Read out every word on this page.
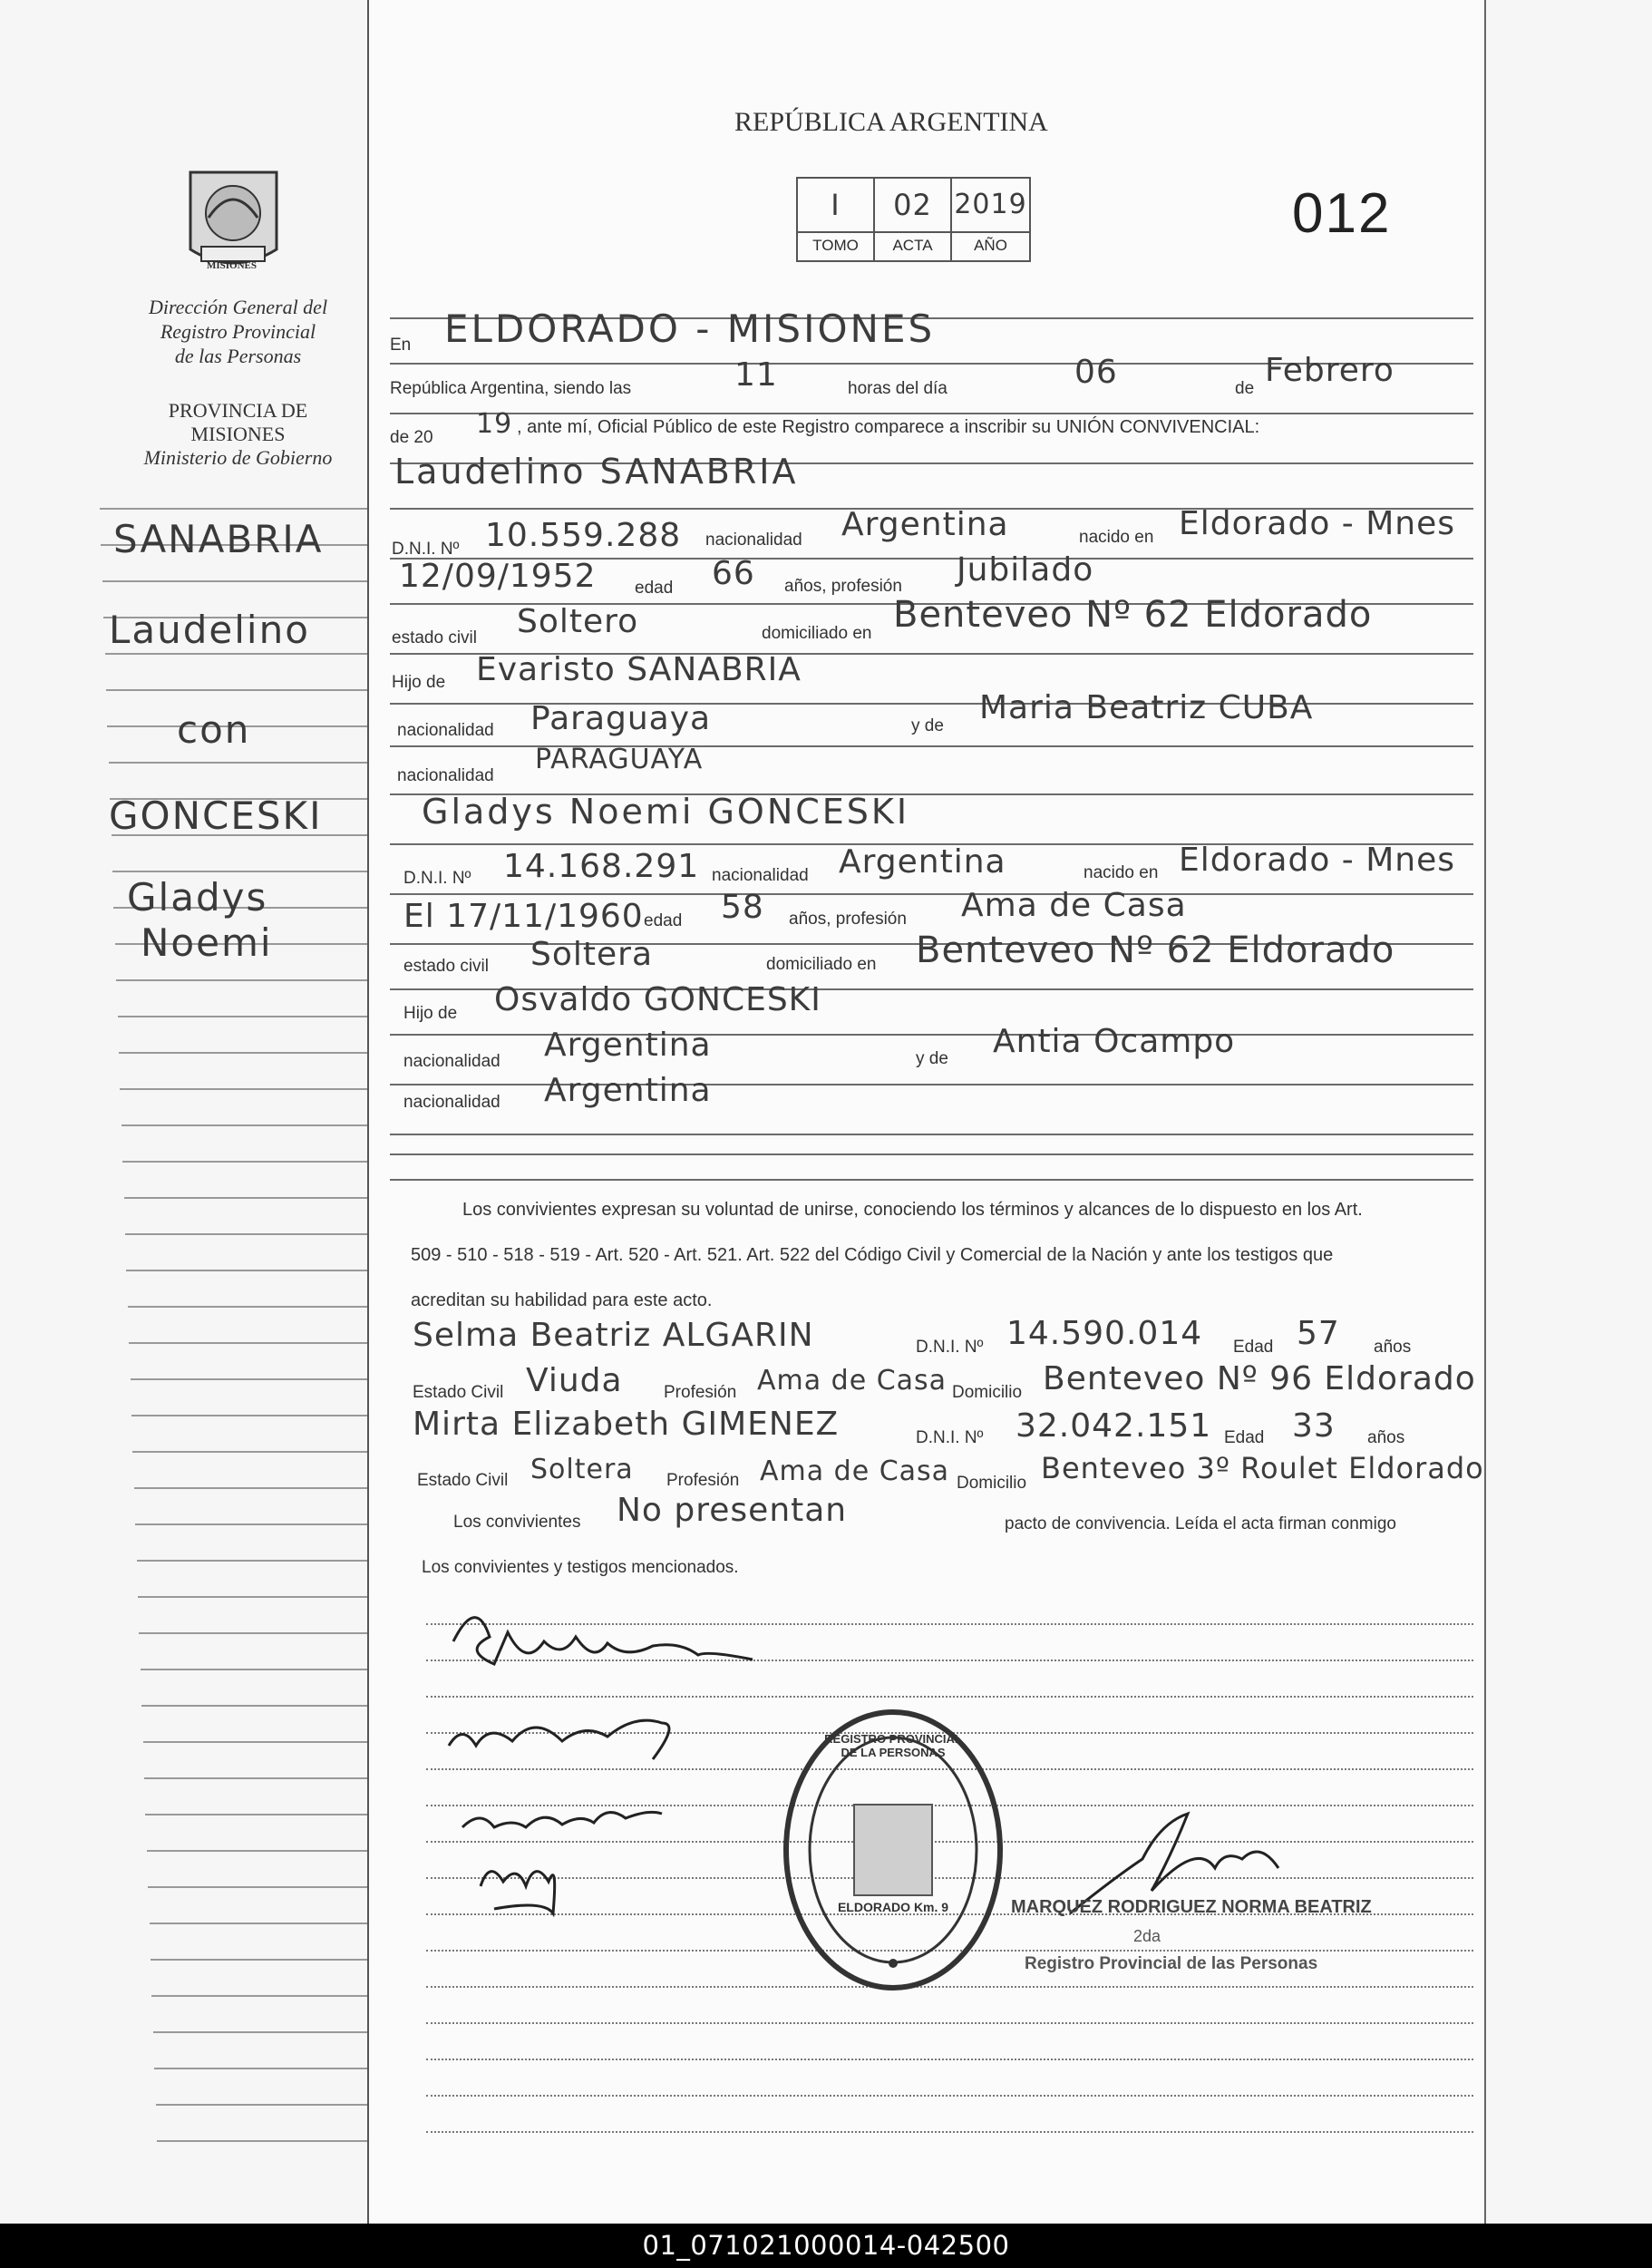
MISIONES
Dirección General del
Registro Provincial
de las Personas
PROVINCIA DE
MISIONES
Ministerio de Gobierno
SANABRIA
Laudelino
con
GONCESKI
Gladys
Noemi
REPÚBLICA ARGENTINA
I
TOMO
02
ACTA
2019
AÑO
012
En ELDORADO - MISIONES
República Argentina, siendo las	11	horas del día	06	de Febrero
de 20 19 , ante mí, Oficial Público de este Registro comparece a inscribir su UNIÓN CONVIVENCIAL:
Laudelino SANABRIA
D.N.I. Nº 10.559.288 nacionalidad Argentina	nacido en Eldorado - Mnes
12/09/1952 edad 66 años, profesión Jubilado
estado civil Soltero	domiciliado en Benteveo Nº 62 Eldorado
Hijo de Evaristo SANABRIA
nacionalidad Paraguaya	y de Maria Beatriz CUBA
nacionalidad
PARAGUAYA
Gladys Noemi GONCESKI
D.N.I. Nº 14.168.291 nacionalidad Argentina	nacido en Eldorado - Mnes
El 17/11/1960 edad 58 años, profesión Ama de Casa
estado civil Soltera	domiciliado en Benteveo Nº 62 Eldorado
Hijo de Osvaldo GONCESKI
nacionalidad Argentina	y de Antia Ocampo
nacionalidad Argentina
Los convivientes expresan su voluntad de unirse, conociendo los términos y alcances de lo dispuesto en los Art.
509 - 510 - 518 - 519 - Art. 520 - Art. 521. Art. 522 del Código Civil y Comercial de la Nación y ante los testigos que
acreditan su habilidad para este acto.
Selma Beatriz ALGARIN	D.N.I. Nº 14.590.014 Edad 57 años
Estado Civil Viuda Profesión Ama de Casa Domicilio Benteveo Nº 96 Eldorado
Mirta Elizabeth GIMENEZ	D.N.I. Nº 32.042.151 Edad 33 años
Estado Civil Soltera Profesión Ama de Casa Domicilio Benteveo 3º Roulet Eldorado
Los convivientes No presentan	pacto de convivencia. Leída el acta firman conmigo
Los convivientes y testigos mencionados.
REGISTRO PROVINCIAL DE LA PERSONAS
ELDORADO Km. 9	MARQUEZ RODRIGUEZ NORMA BEATRIZ
2da
Registro Provincial de las Personas
01_071021000014-042500
